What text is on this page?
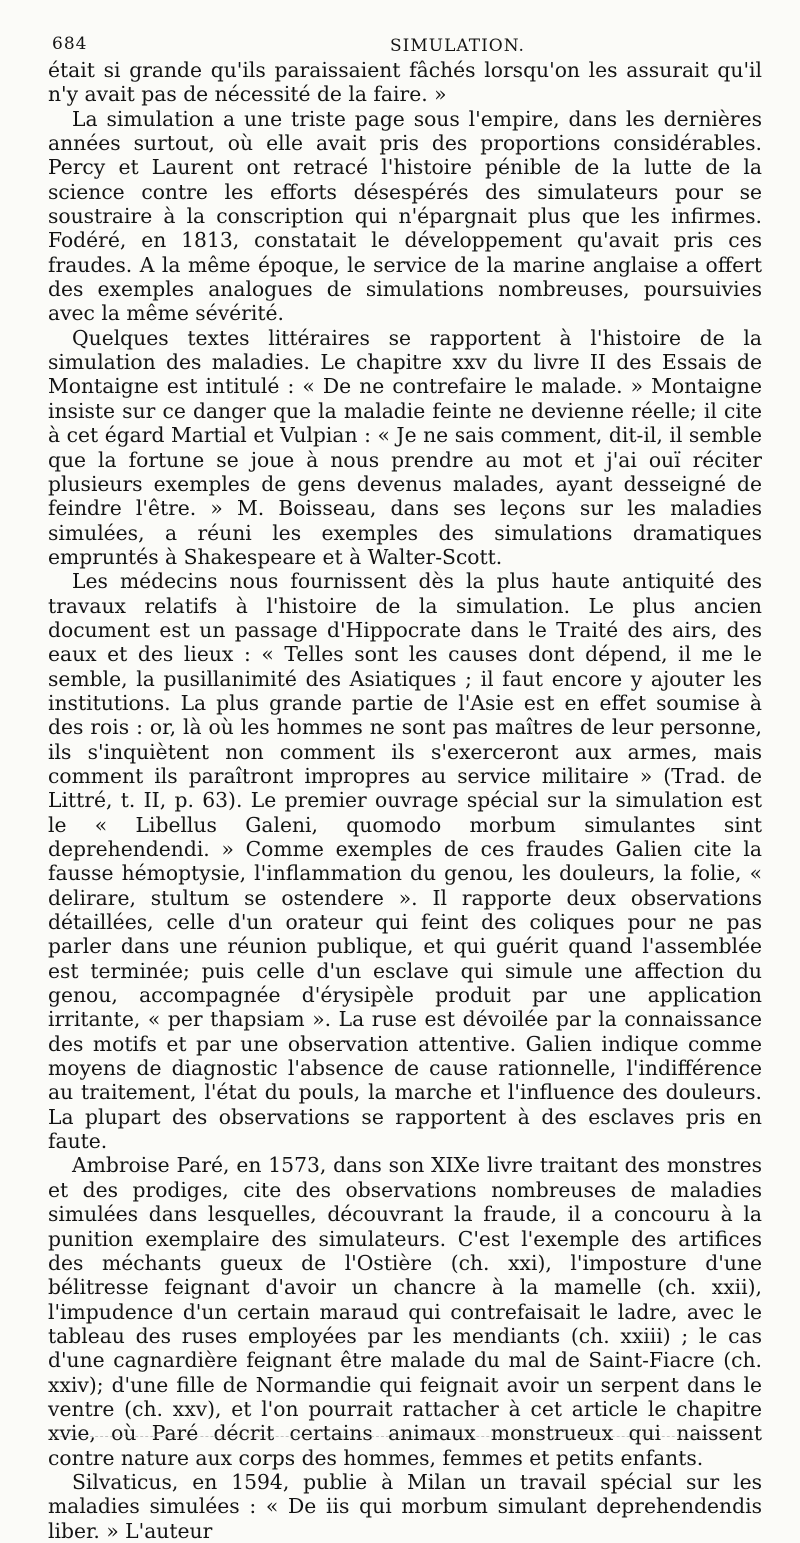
684	SIMULATION.

était si grande qu'ils paraissaient fâchés lorsqu'on les assurait qu'il n'y avait pas de nécessité de la faire. »

La simulation a une triste page sous l'empire, dans les dernières années surtout, où elle avait pris des proportions considérables. Percy et Laurent ont retracé l'histoire pénible de la lutte de la science contre les efforts désespérés des simulateurs pour se soustraire à la conscription qui n'épargnait plus que les infirmes. Fodéré, en 1813, constatait le développement qu'avait pris ces fraudes. A la même époque, le service de la marine anglaise a offert des exemples analogues de simulations nombreuses, poursuivies avec la même sévérité.

Quelques textes littéraires se rapportent à l'histoire de la simulation des maladies. Le chapitre xxv du livre II des Essais de Montaigne est intitulé : « De ne contrefaire le malade. » Montaigne insiste sur ce danger que la maladie feinte ne devienne réelle; il cite à cet égard Martial et Vulpian : « Je ne sais comment, dit-il, il semble que la fortune se joue à nous prendre au mot et j'ai ouï réciter plusieurs exemples de gens devenus malades, ayant desseigné de feindre l'être. » M. Boisseau, dans ses leçons sur les maladies simulées, a réuni les exemples des simulations dramatiques empruntés à Shakespeare et à Walter-Scott.

Les médecins nous fournissent dès la plus haute antiquité des travaux relatifs à l'histoire de la simulation. Le plus ancien document est un passage d'Hippocrate dans le Traité des airs, des eaux et des lieux : « Telles sont les causes dont dépend, il me le semble, la pusillanimité des Asiatiques ; il faut encore y ajouter les institutions. La plus grande partie de l'Asie est en effet soumise à des rois : or, là où les hommes ne sont pas maîtres de leur personne, ils s'inquiètent non comment ils s'exerceront aux armes, mais comment ils paraîtront impropres au service militaire » (Trad. de Littré, t. II, p. 63). Le premier ouvrage spécial sur la simulation est le « Libellus Galeni, quomodo morbum simulantes sint deprehendendi. » Comme exemples de ces fraudes Galien cite la fausse hémoptysie, l'inflammation du genou, les douleurs, la folie, « delirare, stultum se ostendere ». Il rapporte deux observations détaillées, celle d'un orateur qui feint des coliques pour ne pas parler dans une réunion publique, et qui guérit quand l'assemblée est terminée; puis celle d'un esclave qui simule une affection du genou, accompagnée d'érysipèle produit par une application irritante, « per thapsiam ». La ruse est dévoilée par la connaissance des motifs et par une observation attentive. Galien indique comme moyens de diagnostic l'absence de cause rationnelle, l'indifférence au traitement, l'état du pouls, la marche et l'influence des douleurs. La plupart des observations se rapportent à des esclaves pris en faute.

Ambroise Paré, en 1573, dans son XIXe livre traitant des monstres et des prodiges, cite des observations nombreuses de maladies simulées dans lesquelles, découvrant la fraude, il a concouru à la punition exemplaire des simulateurs. C'est l'exemple des artifices des méchants gueux de l'Ostière (ch. xxi), l'imposture d'une bélitresse feignant d'avoir un chancre à la mamelle (ch. xxii), l'impudence d'un certain maraud qui contrefaisait le ladre, avec le tableau des ruses employées par les mendiants (ch. xxiii) ; le cas d'une cagnardière feignant être malade du mal de Saint-Fiacre (ch. xxiv); d'une fille de Normandie qui feignait avoir un serpent dans le ventre (ch. xxv), et l'on pourrait rattacher à cet article le chapitre xvie, où Paré décrit certains animaux monstrueux qui naissent contre nature aux corps des hommes, femmes et petits enfants.

Silvaticus, en 1594, publie à Milan un travail spécial sur les maladies simulées : « De iis qui morbum simulant deprehendendis liber. » L'auteur
